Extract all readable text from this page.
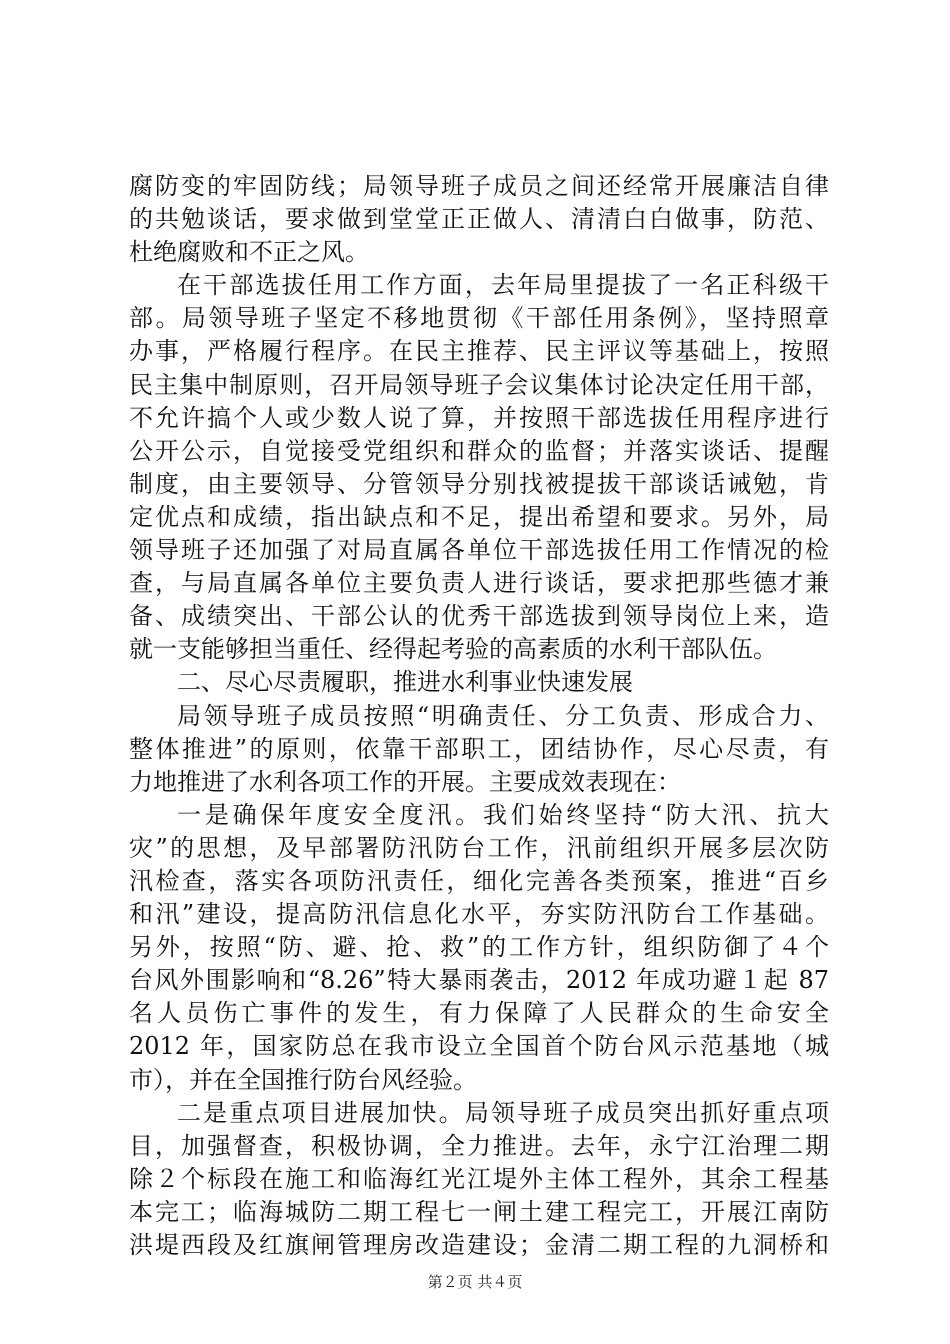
腐防变的牢固防线；局领导班子成员之间还经常开展廉洁自律
的共勉谈话，要求做到堂堂正正做人、清清白白做事，防范、
杜绝腐败和不正之风。
在干部选拔任用工作方面，去年局里提拔了一名正科级干
部。局领导班子坚定不移地贯彻《干部任用条例》，坚持照章
办事，严格履行程序。在民主推荐、民主评议等基础上，按照
民主集中制原则，召开局领导班子会议集体讨论决定任用干部，
不允许搞个人或少数人说了算，并按照干部选拔任用程序进行
公开公示，自觉接受党组织和群众的监督；并落实谈话、提醒
制度，由主要领导、分管领导分别找被提拔干部谈话诫勉，肯
定优点和成绩，指出缺点和不足，提出希望和要求。另外，局
领导班子还加强了对局直属各单位干部选拔任用工作情况的检
查，与局直属各单位主要负责人进行谈话，要求把那些德才兼
备、成绩突出、干部公认的优秀干部选拔到领导岗位上来，造
就一支能够担当重任、经得起考验的高素质的水利干部队伍。
二、尽心尽责履职，推进水利事业快速发展
局领导班子成员按照“明确责任、分工负责、形成合力、
整体推进”的原则，依靠干部职工，团结协作，尽心尽责，有
力地推进了水利各项工作的开展。主要成效表现在：
一是确保年度安全度汛。我们始终坚持“防大汛、抗大
灾”的思想，及早部署防汛防台工作，汛前组织开展多层次防
汛检查，落实各项防汛责任，细化完善各类预案，推进“百乡
和汛”建设，提高防汛信息化水平，夯实防汛防台工作基础。
另外，按照“防、避、抢、救”的工作方针，组织防御了４个
台风外围影响和“8.26”特大暴雨袭击，2012 年成功避１起 87
名人员伤亡事件的发生，有力保障了人民群众的生命安全
2012 年，国家防总在我市设立全国首个防台风示范基地（城
市），并在全国推行防台风经验。
二是重点项目进展加快。局领导班子成员突出抓好重点项
目，加强督查，积极协调，全力推进。去年，永宁江治理二期
除２个标段在施工和临海红光江堤外主体工程外，其余工程基
本完工；临海城防二期工程七一闸土建工程完工，开展江南防
洪堤西段及红旗闸管理房改造建设；金清二期工程的九洞桥和
第２页 共４页
